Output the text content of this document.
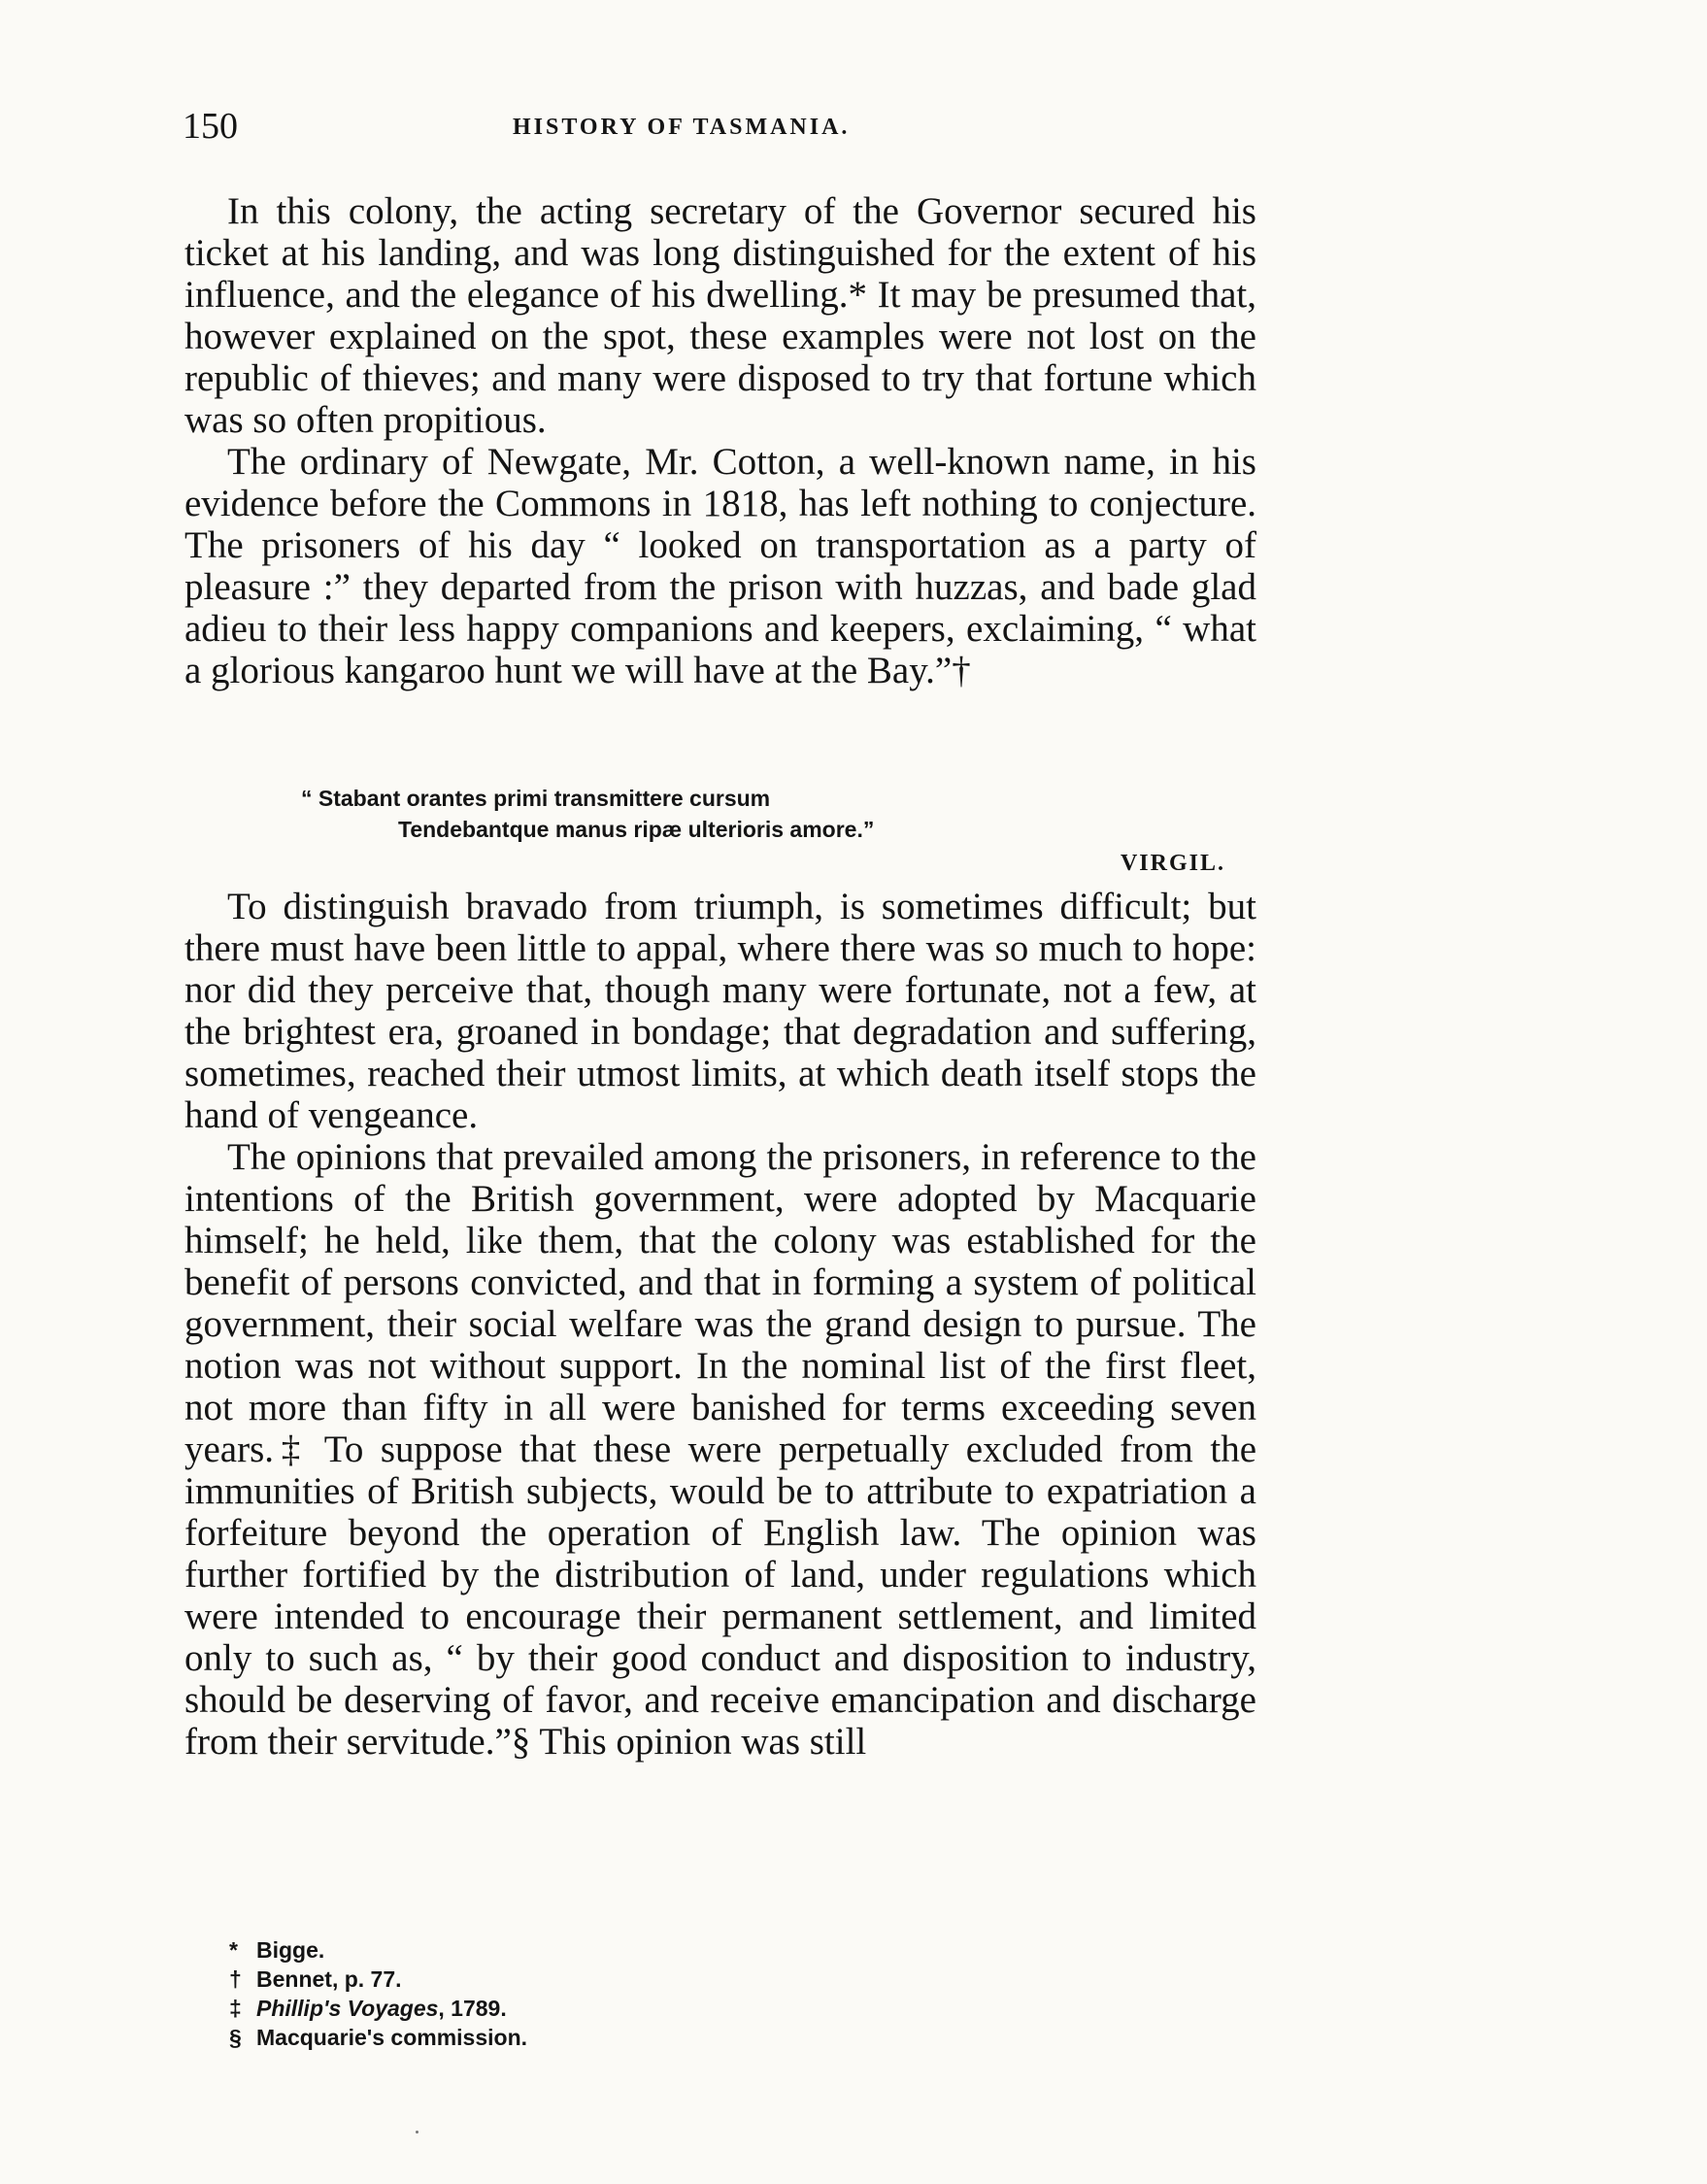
150	HISTORY OF TASMANIA.

In this colony, the acting secretary of the Governor secured his ticket at his landing, and was long distinguished for the extent of his influence, and the elegance of his dwelling.* It may be presumed that, however explained on the spot, these examples were not lost on the republic of thieves; and many were disposed to try that fortune which was so often propitious.

The ordinary of Newgate, Mr. Cotton, a well-known name, in his evidence before the Commons in 1818, has left nothing to conjecture. The prisoners of his day “ looked on transportation as a party of pleasure :” they departed from the prison with huzzas, and bade glad adieu to their less happy companions and keepers, exclaiming, “ what a glorious kangaroo hunt we will have at the Bay.”†

“ Stabant orantes primi transmittere cursum
Tendebantque manus ripæ ulterioris amore.”
VIRGIL.

To distinguish bravado from triumph, is sometimes difficult; but there must have been little to appal, where there was so much to hope: nor did they perceive that, though many were fortunate, not a few, at the brightest era, groaned in bondage; that degradation and suffering, sometimes, reached their utmost limits, at which death itself stops the hand of vengeance.

The opinions that prevailed among the prisoners, in reference to the intentions of the British government, were adopted by Macquarie himself; he held, like them, that the colony was established for the benefit of persons convicted, and that in forming a system of political government, their social welfare was the grand design to pursue. The notion was not without support. In the nominal list of the first fleet, not more than fifty in all were banished for terms exceeding seven years.‡ To suppose that these were perpetually excluded from the immunities of British subjects, would be to attribute to expatriation a forfeiture beyond the operation of English law. The opinion was further fortified by the distribution of land, under regulations which were intended to encourage their permanent settlement, and limited only to such as, “ by their good conduct and disposition to industry, should be deserving of favor, and receive emancipation and discharge from their servitude.”§ This opinion was still

* Bigge.
† Bennet, p. 77.
‡ Phillip's Voyages, 1789.
§ Macquarie's commission.
